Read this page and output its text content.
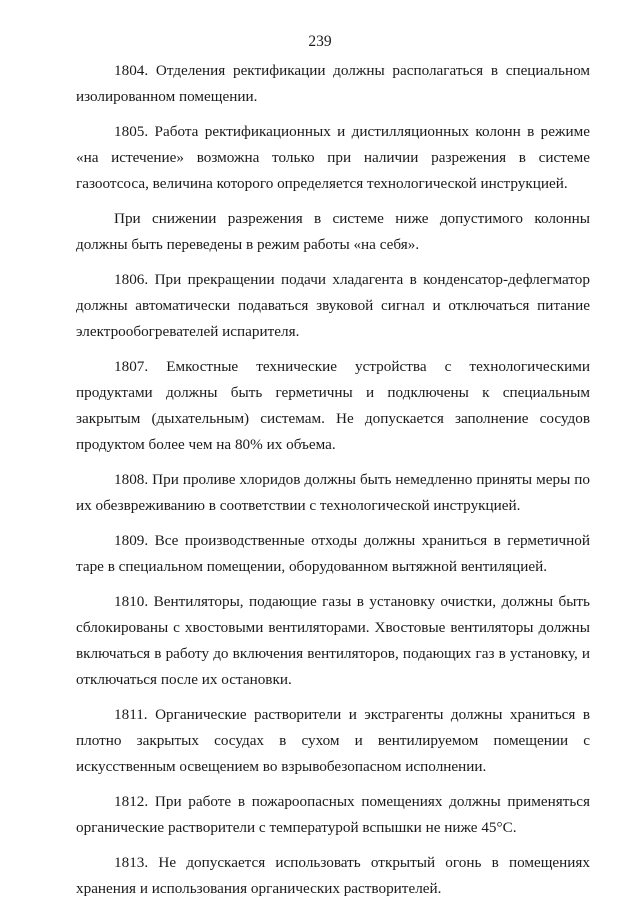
239

1804. Отделения ректификации должны располагаться в специальном изолированном помещении.

1805. Работа ректификационных и дистилляционных колонн в режиме «на истечение» возможна только при наличии разрежения в системе газоотсоса, величина которого определяется технологической инструкцией.

При снижении разрежения в системе ниже допустимого колонны должны быть переведены в режим работы «на себя».

1806. При прекращении подачи хладагента в конденсатор-дефлегматор должны автоматически подаваться звуковой сигнал и отключаться питание электрообогревателей испарителя.

1807. Емкостные технические устройства с технологическими продуктами должны быть герметичны и подключены к специальным закрытым (дыхательным) системам. Не допускается заполнение сосудов продуктом более чем на 80% их объема.

1808. При проливе хлоридов должны быть немедленно приняты меры по их обезвреживанию в соответствии с технологической инструкцией.

1809. Все производственные отходы должны храниться в герметичной таре в специальном помещении, оборудованном вытяжной вентиляцией.

1810. Вентиляторы, подающие газы в установку очистки, должны быть сблокированы с хвостовыми вентиляторами. Хвостовые вентиляторы должны включаться в работу до включения вентиляторов, подающих газ в установку, и отключаться после их остановки.

1811. Органические растворители и экстрагенты должны храниться в плотно закрытых сосудах в сухом и вентилируемом помещении с искусственным освещением во взрывобезопасном исполнении.

1812. При работе в пожароопасных помещениях должны применяться органические растворители с температурой вспышки не ниже 45°C.

1813. Не допускается использовать открытый огонь в помещениях хранения и использования органических растворителей.
